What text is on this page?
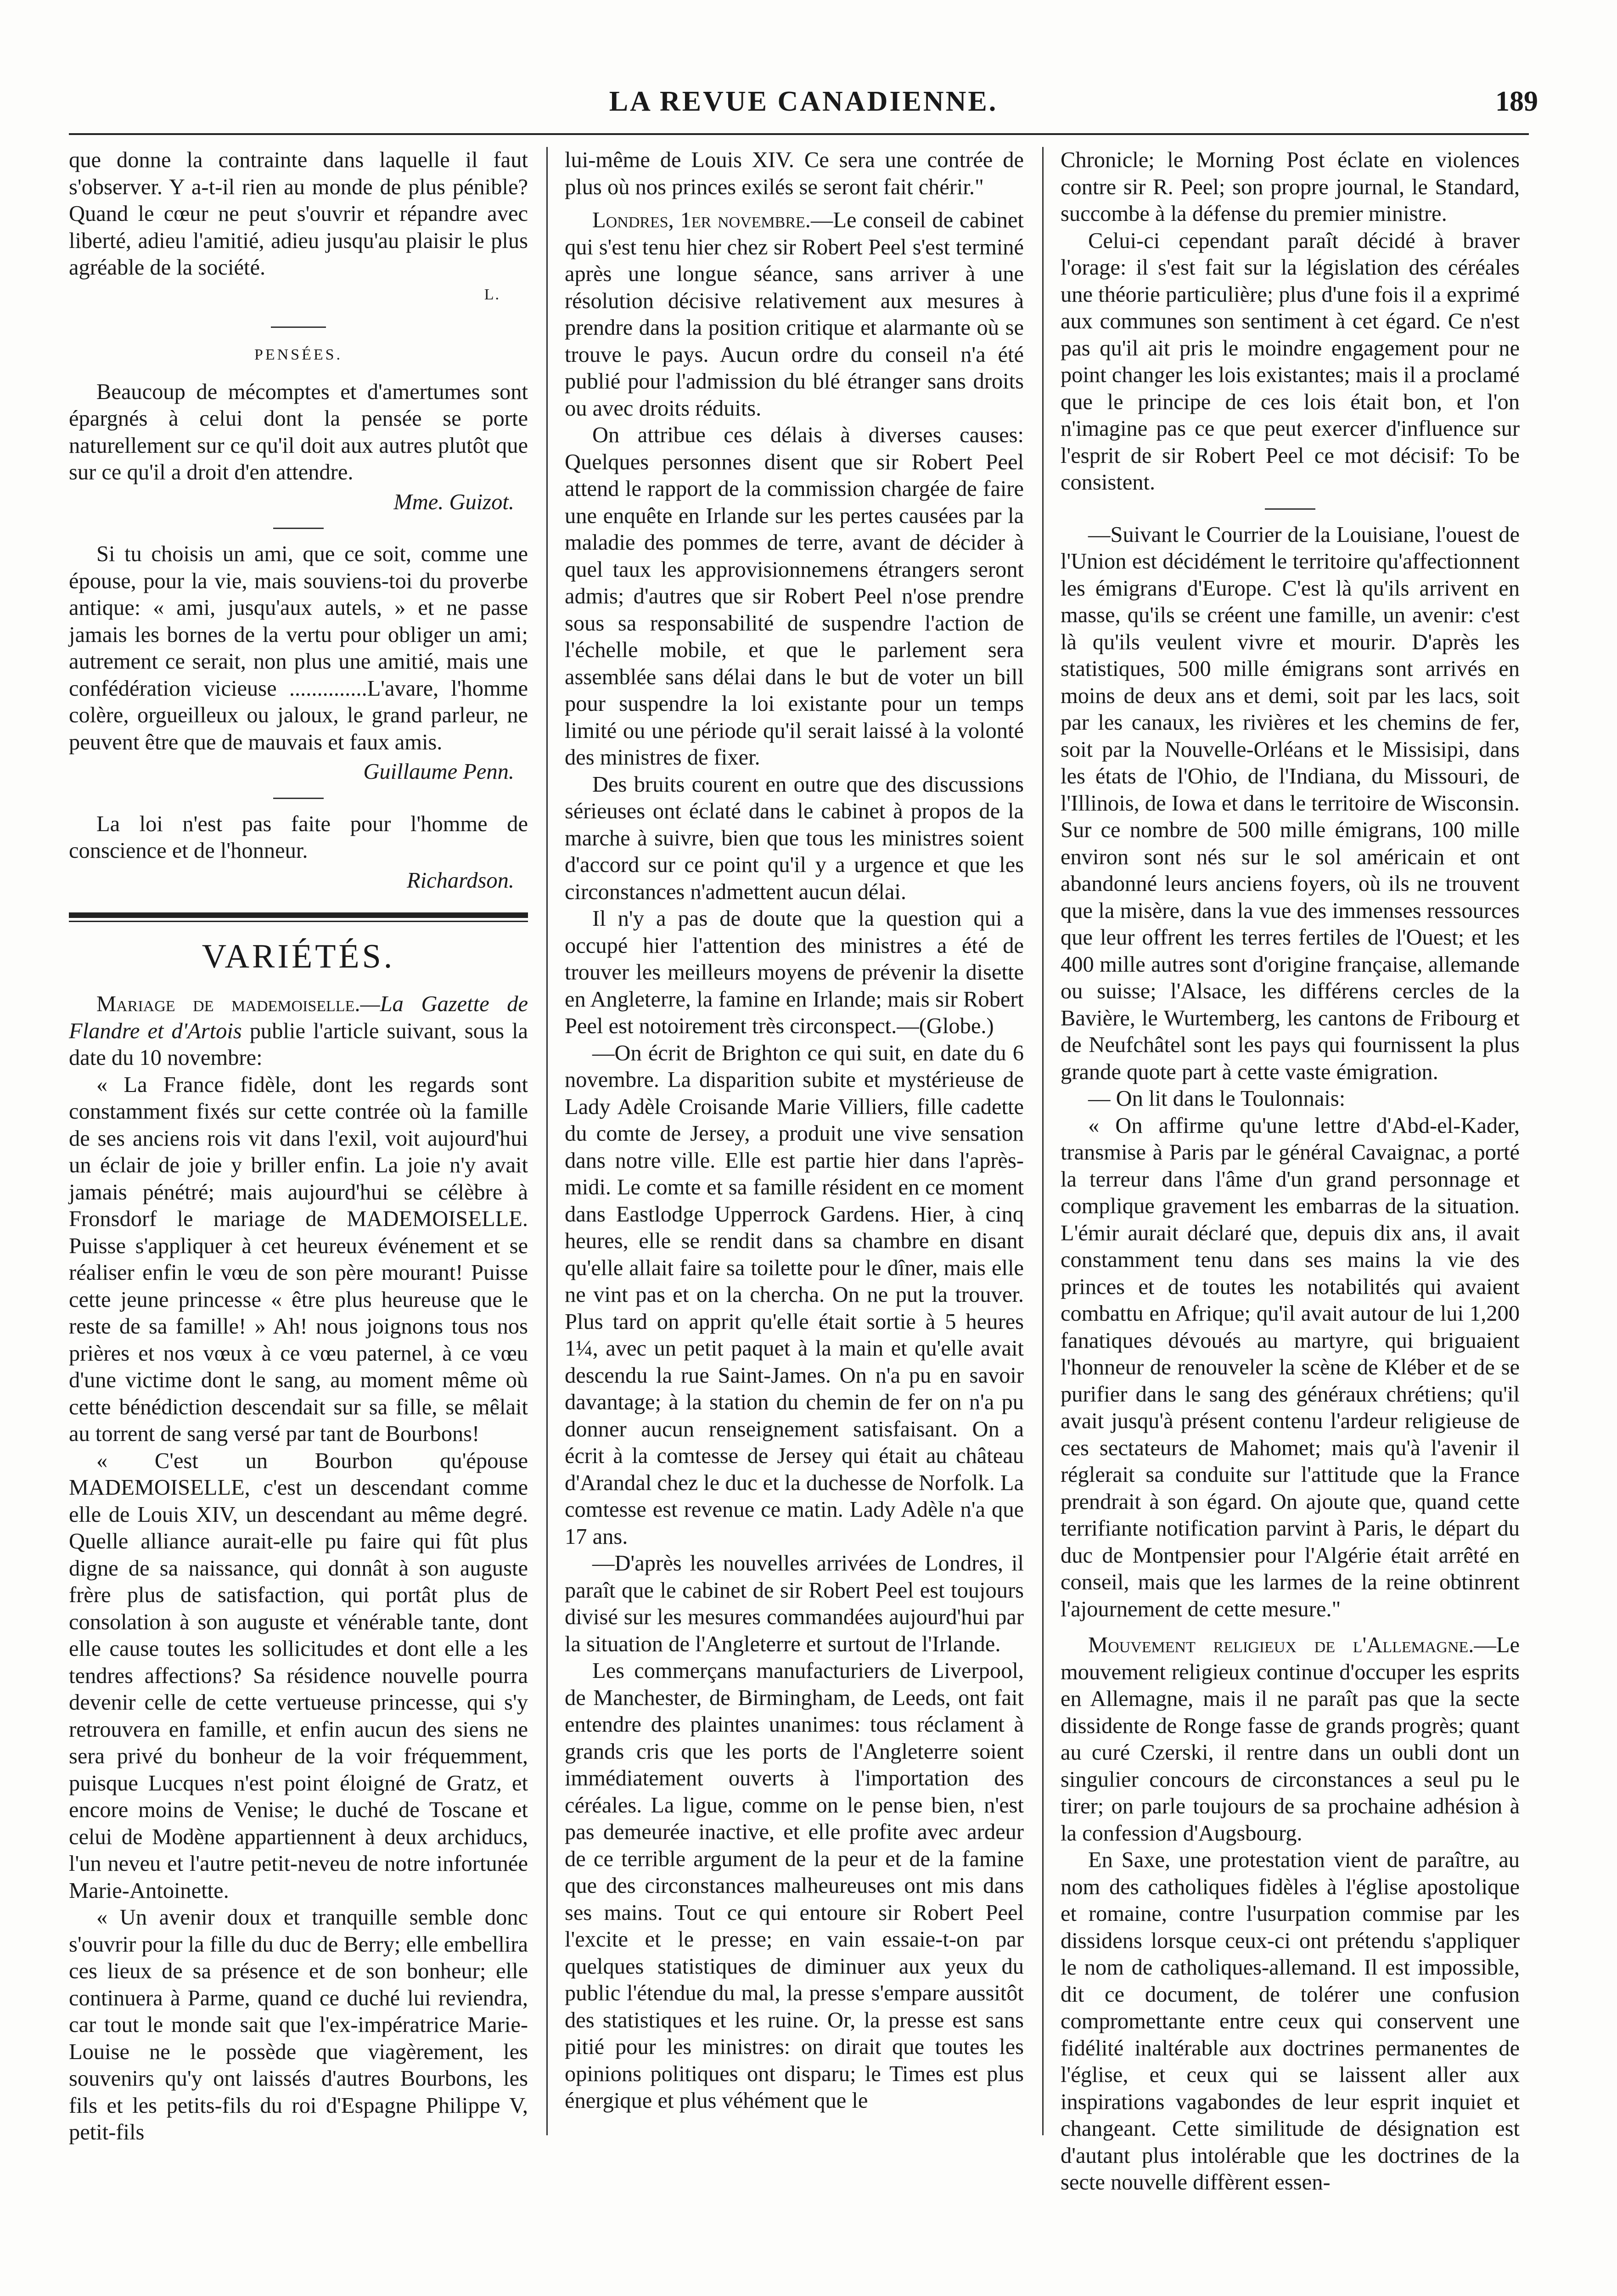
LA REVUE CANADIENNE.	189

que donne la contrainte dans laquelle il faut s'observer. Y a-t-il rien au monde de plus pénible? Quand le cœur ne peut s'ouvrir et répandre avec liberté, adieu l'amitié, adieu jusqu'au plaisir le plus agréable de la société.

L.

PENSÉES.

Beaucoup de mécomptes et d'amertumes sont épargnés à celui dont la pensée se porte naturellement sur ce qu'il doit aux autres plutôt que sur ce qu'il a droit d'en attendre.

Mme. Guizot.

Si tu choisis un ami, que ce soit, comme une épouse, pour la vie, mais souviens-toi du proverbe antique: « ami, jusqu'aux autels, » et ne passe jamais les bornes de la vertu pour obliger un ami; autrement ce serait, non plus une amitié, mais une confédération vicieuse ..............L'avare, l'homme colère, orgueilleux ou jaloux, le grand parleur, ne peuvent être que de mauvais et faux amis.

Guillaume Penn.

La loi n'est pas faite pour l'homme de conscience et de l'honneur.

Richardson.

VARIÉTÉS.

Mariage de mademoiselle.—La Gazette de Flandre et d'Artois publie l'article suivant, sous la date du 10 novembre:

« La France fidèle, dont les regards sont constamment fixés sur cette contrée où la famille de ses anciens rois vit dans l'exil, voit aujourd'hui un éclair de joie y briller enfin. La joie n'y avait jamais pénétré; mais aujourd'hui se célèbre à Fronsdorf le mariage de MADEMOISELLE. Puisse s'appliquer à cet heureux événement et se réaliser enfin le vœu de son père mourant! Puisse cette jeune princesse « être plus heureuse que le reste de sa famille! » Ah! nous joignons tous nos prières et nos vœux à ce vœu paternel, à ce vœu d'une victime dont le sang, au moment même où cette bénédiction descendait sur sa fille, se mêlait au torrent de sang versé par tant de Bourbons!

« C'est un Bourbon qu'épouse MADEMOISELLE, c'est un descendant comme elle de Louis XIV, un descendant au même degré. Quelle alliance aurait-elle pu faire qui fût plus digne de sa naissance, qui donnât à son auguste frère plus de satisfaction, qui portât plus de consolation à son auguste et vénérable tante, dont elle cause toutes les sollicitudes et dont elle a les tendres affections? Sa résidence nouvelle pourra devenir celle de cette vertueuse princesse, qui s'y retrouvera en famille, et enfin aucun des siens ne sera privé du bonheur de la voir fréquemment, puisque Lucques n'est point éloigné de Gratz, et encore moins de Venise; le duché de Toscane et celui de Modène appartiennent à deux archiducs, l'un neveu et l'autre petit-neveu de notre infortunée Marie-Antoinette.

« Un avenir doux et tranquille semble donc s'ouvrir pour la fille du duc de Berry; elle embellira ces lieux de sa présence et de son bonheur; elle continuera à Parme, quand ce duché lui reviendra, car tout le monde sait que l'ex-impératrice Marie-Louise ne le possède que viagèrement, les souvenirs qu'y ont laissés d'autres Bourbons, les fils et les petits-fils du roi d'Espagne Philippe V, petit-fils

lui-même de Louis XIV. Ce sera une contrée de plus où nos princes exilés se seront fait chérir."

Londres, 1er novembre.—Le conseil de cabinet qui s'est tenu hier chez sir Robert Peel s'est terminé après une longue séance, sans arriver à une résolution décisive relativement aux mesures à prendre dans la position critique et alarmante où se trouve le pays. Aucun ordre du conseil n'a été publié pour l'admission du blé étranger sans droits ou avec droits réduits.

On attribue ces délais à diverses causes: Quelques personnes disent que sir Robert Peel attend le rapport de la commission chargée de faire une enquête en Irlande sur les pertes causées par la maladie des pommes de terre, avant de décider à quel taux les approvisionnemens étrangers seront admis; d'autres que sir Robert Peel n'ose prendre sous sa responsabilité de suspendre l'action de l'échelle mobile, et que le parlement sera assemblée sans délai dans le but de voter un bill pour suspendre la loi existante pour un temps limité ou une période qu'il serait laissé à la volonté des ministres de fixer.

Des bruits courent en outre que des discussions sérieuses ont éclaté dans le cabinet à propos de la marche à suivre, bien que tous les ministres soient d'accord sur ce point qu'il y a urgence et que les circonstances n'admettent aucun délai.

Il n'y a pas de doute que la question qui a occupé hier l'attention des ministres a été de trouver les meilleurs moyens de prévenir la disette en Angleterre, la famine en Irlande; mais sir Robert Peel est notoirement très circonspect.—(Globe.)

—On écrit de Brighton ce qui suit, en date du 6 novembre. La disparition subite et mystérieuse de Lady Adèle Croisande Marie Villiers, fille cadette du comte de Jersey, a produit une vive sensation dans notre ville. Elle est partie hier dans l'après-midi. Le comte et sa famille résident en ce moment dans Eastlodge Upperrock Gardens. Hier, à cinq heures, elle se rendit dans sa chambre en disant qu'elle allait faire sa toilette pour le dîner, mais elle ne vint pas et on la chercha. On ne put la trouver. Plus tard on apprit qu'elle était sortie à 5 heures 1¼, avec un petit paquet à la main et qu'elle avait descendu la rue Saint-James. On n'a pu en savoir davantage; à la station du chemin de fer on n'a pu donner aucun renseignement satisfaisant. On a écrit à la comtesse de Jersey qui était au château d'Arandal chez le duc et la duchesse de Norfolk. La comtesse est revenue ce matin. Lady Adèle n'a que 17 ans.

—D'après les nouvelles arrivées de Londres, il paraît que le cabinet de sir Robert Peel est toujours divisé sur les mesures commandées aujourd'hui par la situation de l'Angleterre et surtout de l'Irlande.

Les commerçans manufacturiers de Liverpool, de Manchester, de Birmingham, de Leeds, ont fait entendre des plaintes unanimes: tous réclament à grands cris que les ports de l'Angleterre soient immédiatement ouverts à l'importation des céréales. La ligue, comme on le pense bien, n'est pas demeurée inactive, et elle profite avec ardeur de ce terrible argument de la peur et de la famine que des circonstances malheureuses ont mis dans ses mains. Tout ce qui entoure sir Robert Peel l'excite et le presse; en vain essaie-t-on par quelques statistiques de diminuer aux yeux du public l'étendue du mal, la presse s'empare aussitôt des statistiques et les ruine. Or, la presse est sans pitié pour les ministres: on dirait que toutes les opinions politiques ont disparu; le Times est plus énergique et plus véhément que le

Chronicle; le Morning Post éclate en violences contre sir R. Peel; son propre journal, le Standard, succombe à la défense du premier ministre.

Celui-ci cependant paraît décidé à braver l'orage: il s'est fait sur la législation des céréales une théorie particulière; plus d'une fois il a exprimé aux communes son sentiment à cet égard. Ce n'est pas qu'il ait pris le moindre engagement pour ne point changer les lois existantes; mais il a proclamé que le principe de ces lois était bon, et l'on n'imagine pas ce que peut exercer d'influence sur l'esprit de sir Robert Peel ce mot décisif: To be consistent.

—Suivant le Courrier de la Louisiane, l'ouest de l'Union est décidément le territoire qu'affectionnent les émigrans d'Europe. C'est là qu'ils arrivent en masse, qu'ils se créent une famille, un avenir: c'est là qu'ils veulent vivre et mourir. D'après les statistiques, 500 mille émigrans sont arrivés en moins de deux ans et demi, soit par les lacs, soit par les canaux, les rivières et les chemins de fer, soit par la Nouvelle-Orléans et le Missisipi, dans les états de l'Ohio, de l'Indiana, du Missouri, de l'Illinois, de Iowa et dans le territoire de Wisconsin. Sur ce nombre de 500 mille émigrans, 100 mille environ sont nés sur le sol américain et ont abandonné leurs anciens foyers, où ils ne trouvent que la misère, dans la vue des immenses ressources que leur offrent les terres fertiles de l'Ouest; et les 400 mille autres sont d'origine française, allemande ou suisse; l'Alsace, les différens cercles de la Bavière, le Wurtemberg, les cantons de Fribourg et de Neufchâtel sont les pays qui fournissent la plus grande quote part à cette vaste émigration.

— On lit dans le Toulonnais:

« On affirme qu'une lettre d'Abd-el-Kader, transmise à Paris par le général Cavaignac, a porté la terreur dans l'âme d'un grand personnage et complique gravement les embarras de la situation. L'émir aurait déclaré que, depuis dix ans, il avait constamment tenu dans ses mains la vie des princes et de toutes les notabilités qui avaient combattu en Afrique; qu'il avait autour de lui 1,200 fanatiques dévoués au martyre, qui briguaient l'honneur de renouveler la scène de Kléber et de se purifier dans le sang des généraux chrétiens; qu'il avait jusqu'à présent contenu l'ardeur religieuse de ces sectateurs de Mahomet; mais qu'à l'avenir il réglerait sa conduite sur l'attitude que la France prendrait à son égard. On ajoute que, quand cette terrifiante notification parvint à Paris, le départ du duc de Montpensier pour l'Algérie était arrêté en conseil, mais que les larmes de la reine obtinrent l'ajournement de cette mesure."

Mouvement religieux de l'Allemagne.—Le mouvement religieux continue d'occuper les esprits en Allemagne, mais il ne paraît pas que la secte dissidente de Ronge fasse de grands progrès; quant au curé Czerski, il rentre dans un oubli dont un singulier concours de circonstances a seul pu le tirer; on parle toujours de sa prochaine adhésion à la confession d'Augsbourg.

En Saxe, une protestation vient de paraître, au nom des catholiques fidèles à l'église apostolique et romaine, contre l'usurpation commise par les dissidens lorsque ceux-ci ont prétendu s'appliquer le nom de catholiques-allemand. Il est impossible, dit ce document, de tolérer une confusion compromettante entre ceux qui conservent une fidélité inaltérable aux doctrines permanentes de l'église, et ceux qui se laissent aller aux inspirations vagabondes de leur esprit inquiet et changeant. Cette similitude de désignation est d'autant plus intolérable que les doctrines de la secte nouvelle diffèrent essen-
